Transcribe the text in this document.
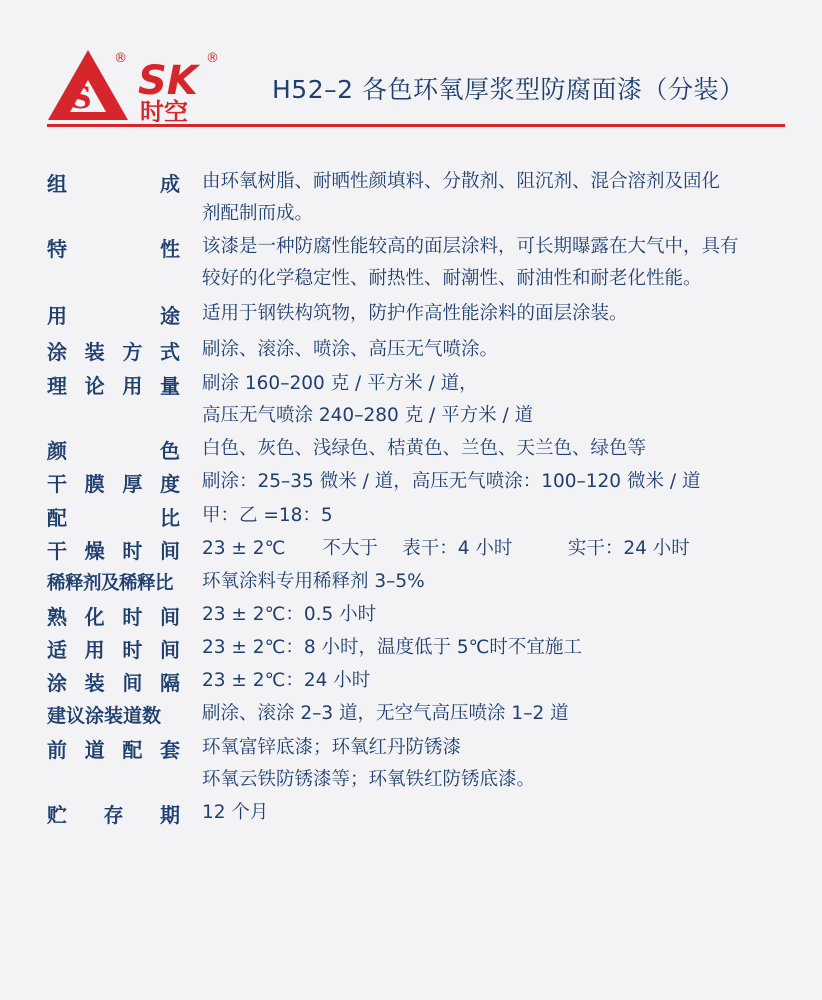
S
® SK ®
时空
H52–2 各色环氧厚浆型防腐面漆（分装）
组	成 由环氧树脂、耐晒性颜填料、分散剂、阻沉剂、混合溶剂及固化
剂配制而成。
特	性 该漆是一种防腐性能较高的面层涂料，可长期曝露在大气中，具有
较好的化学稳定性、耐热性、耐潮性、耐油性和耐老化性能。
用	途 适用于钢铁构筑物，防护作高性能涂料的面层涂装。
涂 装 方 式 刷涂、滚涂、喷涂、高压无气喷涂。
理 论 用 量 刷涂 160–200 克 / 平方米 / 道，
高压无气喷涂 240–280 克 / 平方米 / 道
颜	色 白色、灰色、浅绿色、桔黄色、兰色、天兰色、绿色等
干 膜 厚 度 刷涂：25–35 微米 / 道，高压无气喷涂：100–120 微米 / 道
配	比 甲：乙 =18：5
干 燥 时 间 23 ± 2℃　　不大于　 表干：4 小时　　　实干：24 小时
稀释剂及稀释比 环氧涂料专用稀释剂 3–5%
熟 化 时 间 23 ± 2℃：0.5 小时
适 用 时 间 23 ± 2℃：8 小时，温度低于 5℃时不宜施工
涂 装 间 隔 23 ± 2℃：24 小时
建议涂装道数 刷涂、滚涂 2–3 道，无空气高压喷涂 1–2 道
前 道 配 套 环氧富锌底漆；环氧红丹防锈漆
环氧云铁防锈漆等；环氧铁红防锈底漆。
贮 存 期 12 个月
